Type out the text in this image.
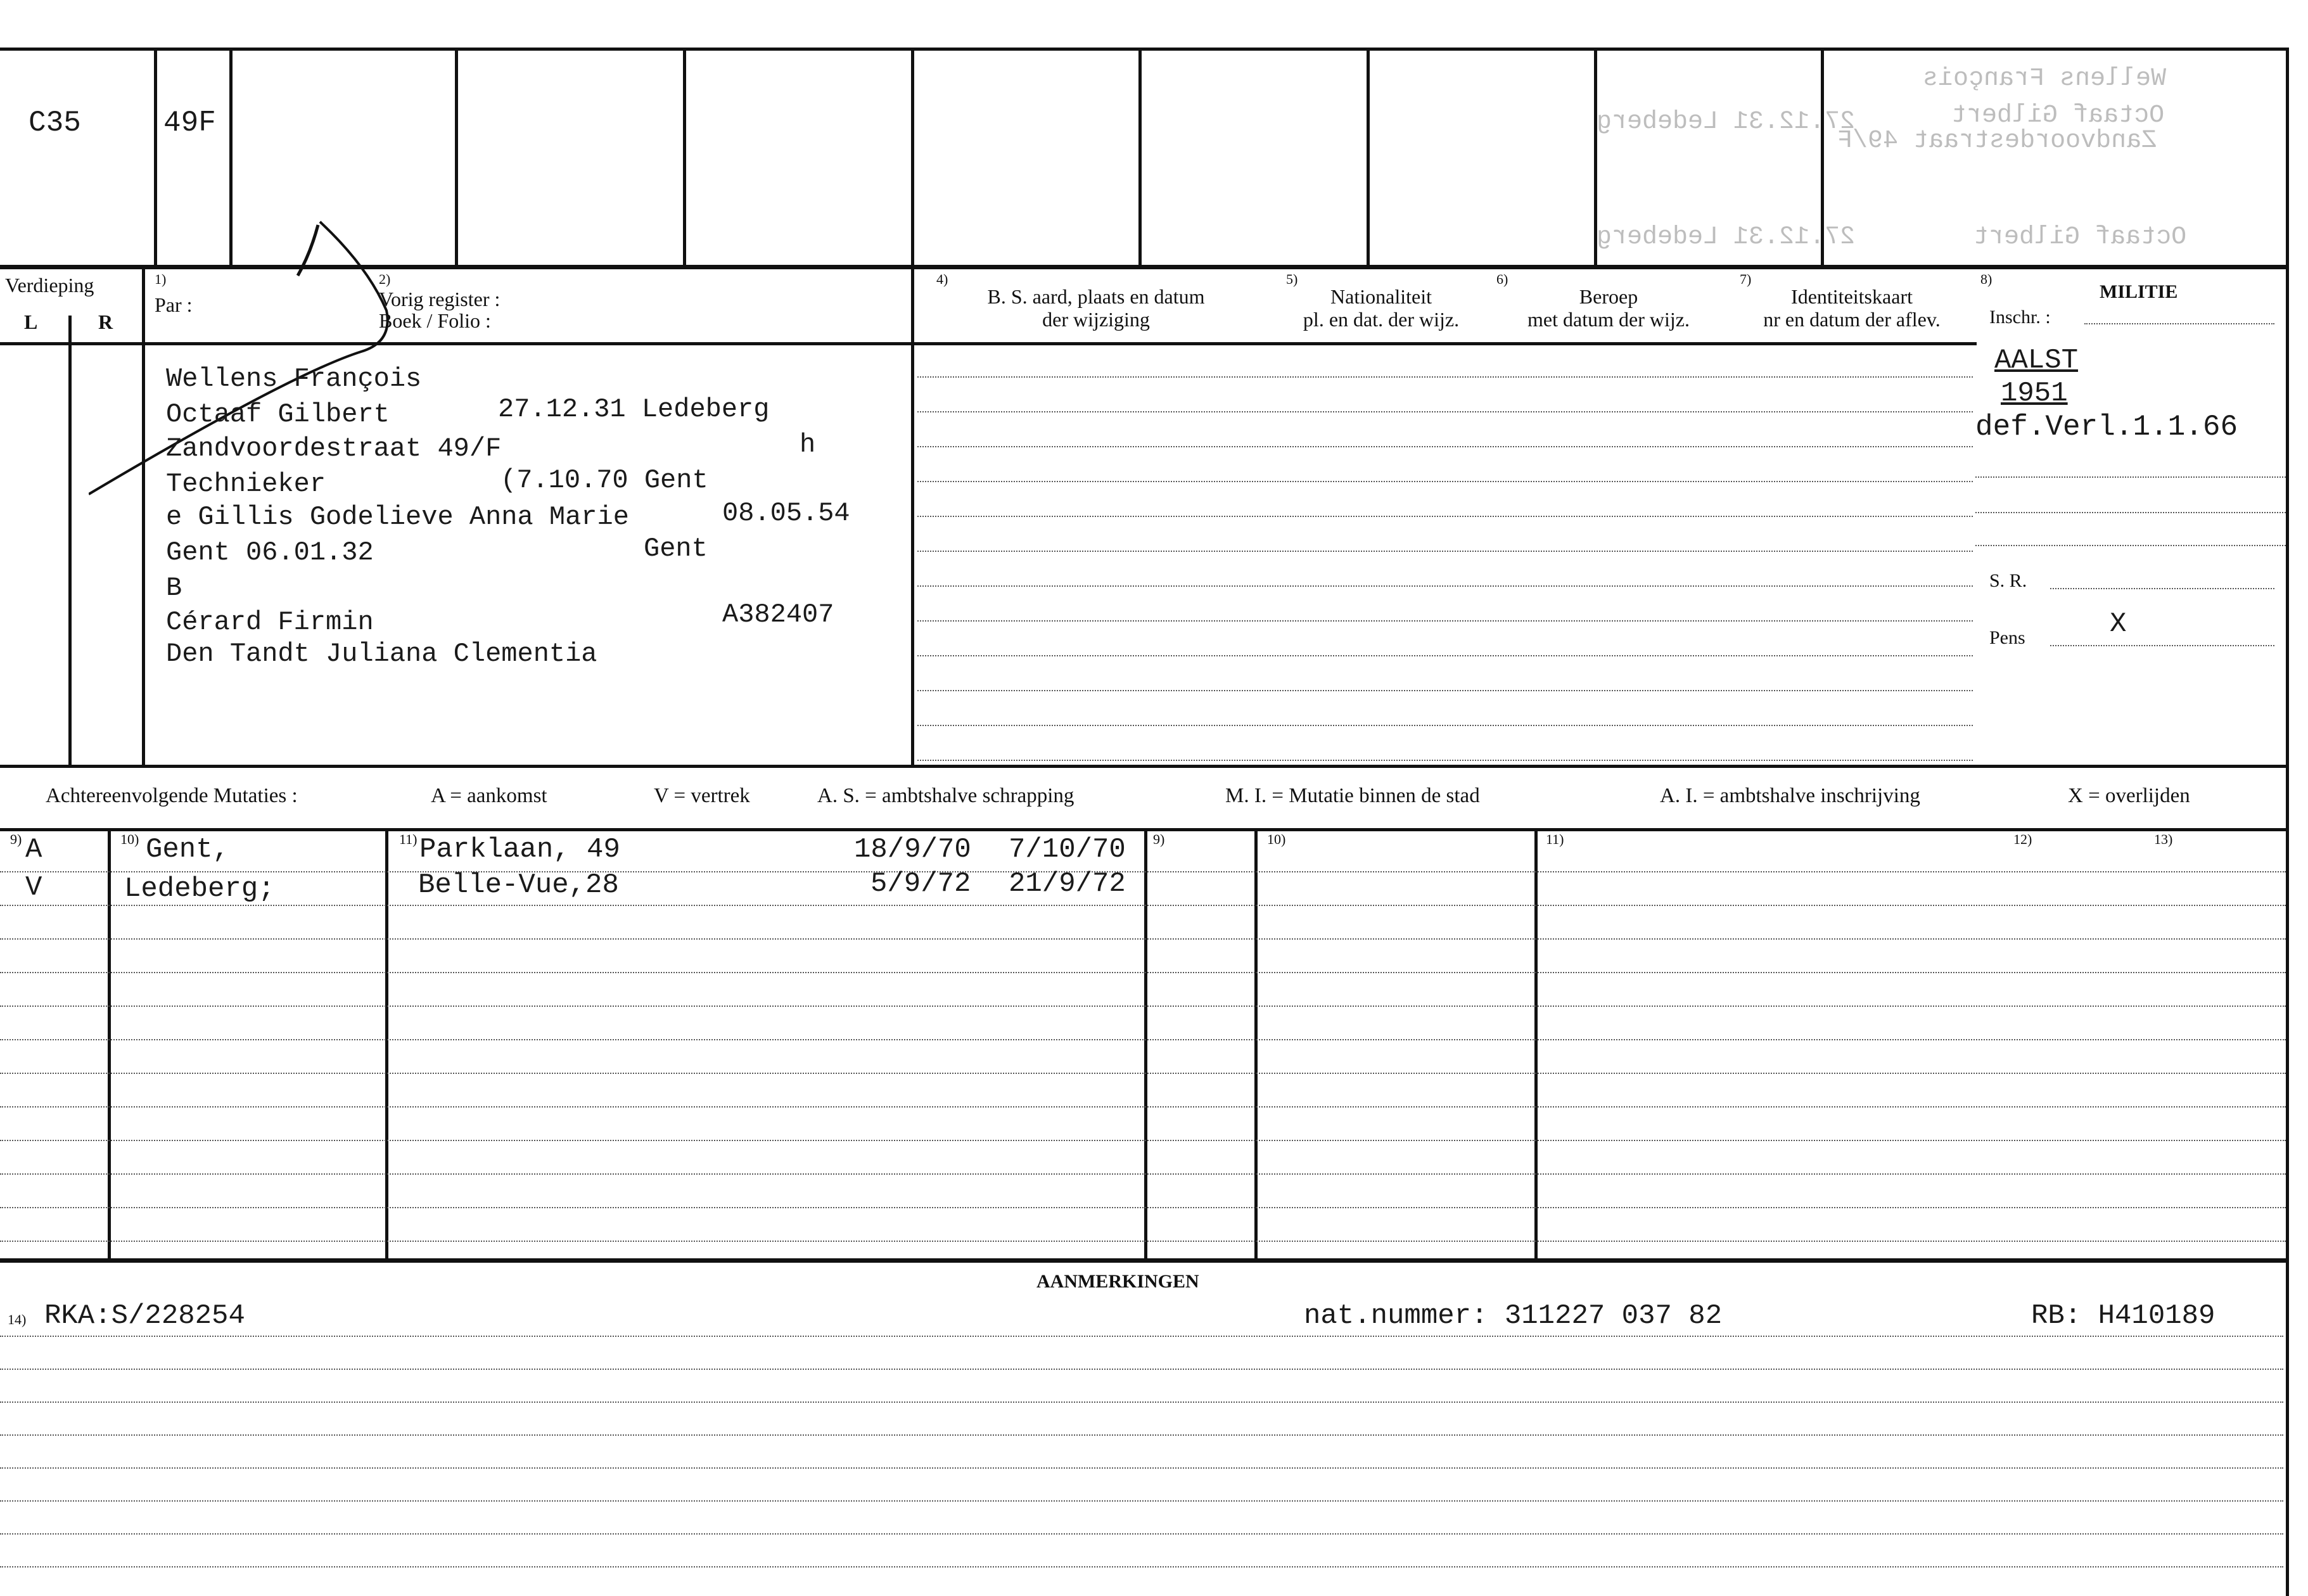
C35	49F	27.12.31 Ledeberg
Wellens François
Octaaf Gilbert
Zandvoordestraat 49/F
27.12.31 Ledeberg	Octaaf Gilbert
Verdieping
L	R
1)
Par :
2)
Vorig register :
Boek / Folio :
4)
B. S. aard, plaats en datum
der wijziging
5)
Nationaliteit
pl. en dat. der wijz.
6)
Beroep
met datum der wijz.
7)
Identiteitskaart
nr en datum der aflev.
8)
MILITIE
Inschr. :
Wellens François
Octaaf Gilbert	27.12.31 Ledeberg
Zandvoordestraat 49/F	h
Technieker	(7.10.70 Gent
e Gillis Godelieve Anna Marie	08.05.54
Gent 06.01.32	Gent
B
Cérard Firmin	A382407
Den Tandt Juliana Clementia
AALST
1951
def.Verl.1.1.66
S. R.
Pens	X
Achtereenvolgende Mutaties :	A = aankomst	V = vertrek	A. S. = ambtshalve schrapping	M. I. = Mutatie binnen de stad	A. I. = ambtshalve inschrijving	X = overlijden
9)	10)	11)	9)	10)	11)	12)	13)
A	Gent,	Parklaan, 49	18/9/70 7/10/70
V	Ledeberg;	Belle-Vue,28	5/9/72 21/9/72
AANMERKINGEN
14) RKA:S/228254	nat.nummer: 311227 037 82	RB: H410189
